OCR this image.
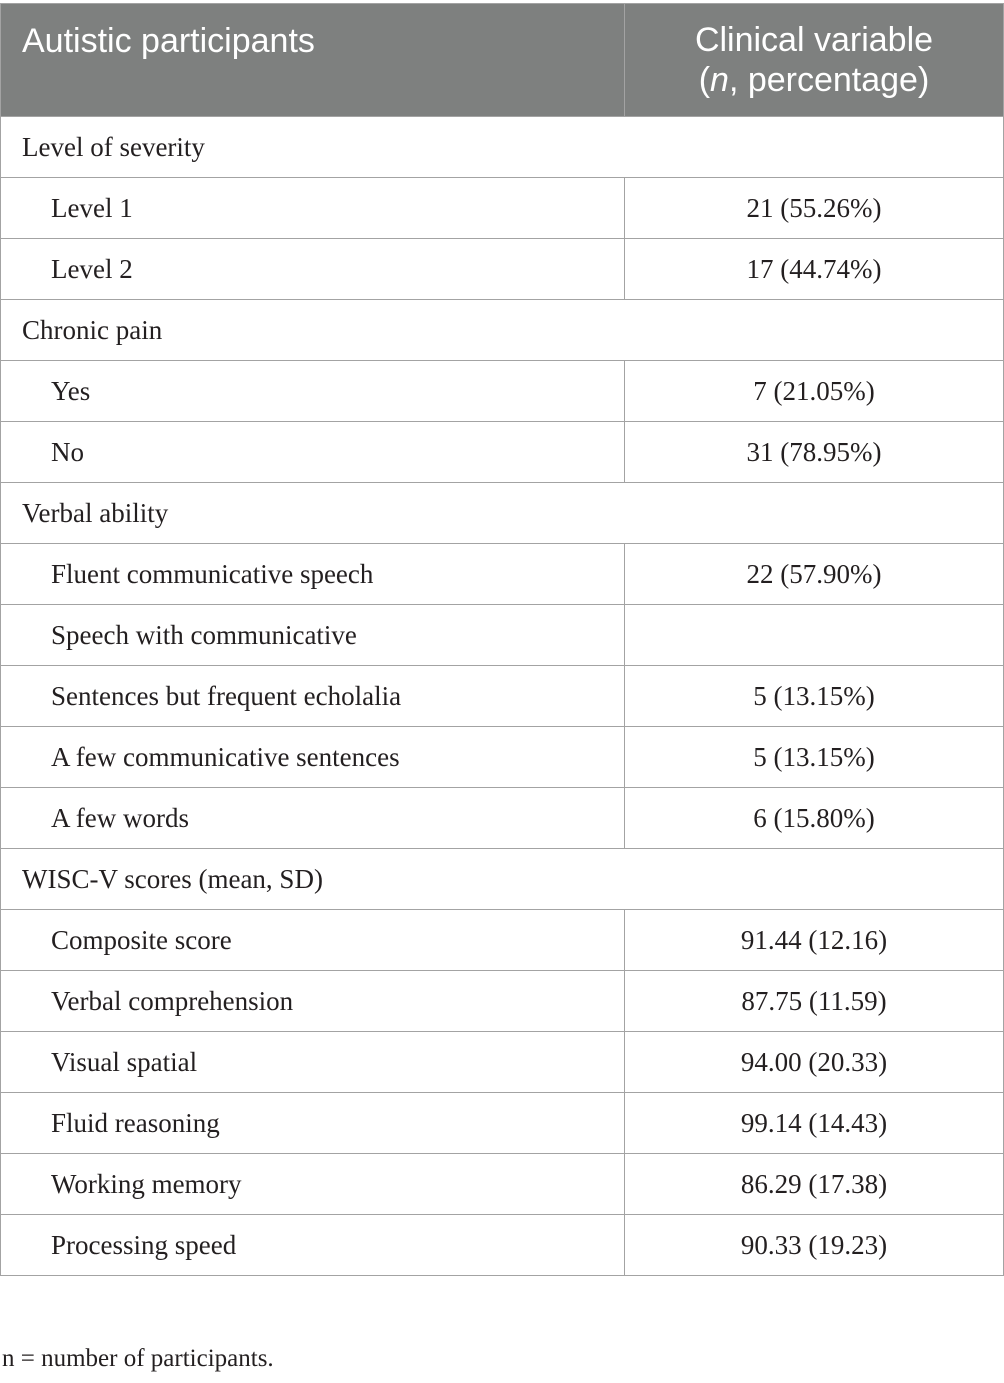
Autistic participants	Clinical variable
(n, percentage)
Level of severity	
Level 1	21 (55.26%)
Level 2	17 (44.74%)
Chronic pain	
Yes	7 (21.05%)
No	31 (78.95%)
Verbal ability	
Fluent communicative speech	22 (57.90%)
Speech with communicative	
Sentences but frequent echolalia	5 (13.15%)
A few communicative sentences	5 (13.15%)
A few words	6 (15.80%)
WISC-V scores (mean, SD)	
Composite score	91.44 (12.16)
Verbal comprehension	87.75 (11.59)
Visual spatial	94.00 (20.33)
Fluid reasoning	99.14 (14.43)
Working memory	86.29 (17.38)
Processing speed	90.33 (19.23)

n = number of participants.
